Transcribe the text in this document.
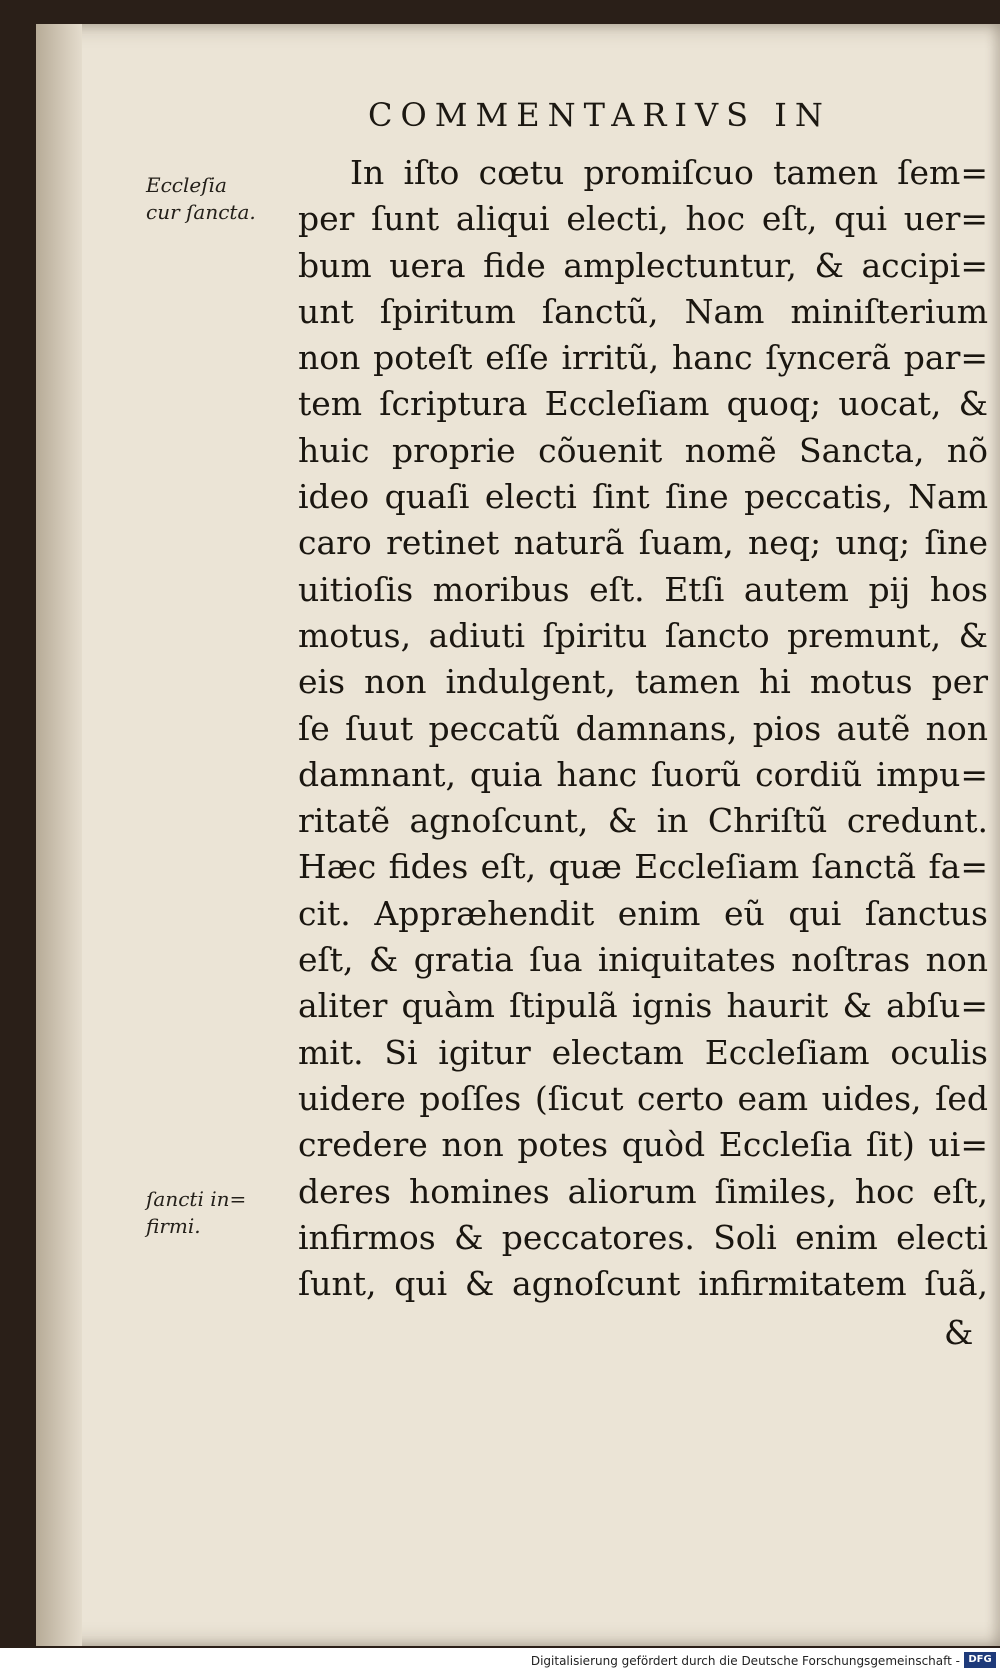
COMMENTARIVS IN
Eccleſia
cur ſancta.
ſancti in=
firmi.
In iſto cœtu promiſcuo tamen ſem=
per ſunt aliqui electi, hoc eſt, qui uer=
bum uera fide amplectuntur, & accipi=
unt ſpiritum ſanctũ, Nam miniſterium
non poteſt eſſe irritũ, hanc ſyncerã par=
tem ſcriptura Eccleſiam quoq; uocat, &
huic proprie cõuenit nomẽ Sancta, nõ
ideo quaſi electi ſint ſine peccatis, Nam
caro retinet naturã ſuam, neq; unq; ſine
uitioſis moribus eſt. Etſi autem pij hos
motus, adiuti ſpiritu ſancto premunt, &
eis non indulgent, tamen hi motus per
ſe ſuut peccatũ damnans, pios autẽ non
damnant, quia hanc ſuorũ cordiũ impu=
ritatẽ agnoſcunt, & in Chriſtũ credunt.
Hæc fides eſt, quæ Eccleſiam ſanctã fa=
cit. Appræhendit enim eũ qui ſanctus
eſt, & gratia ſua iniquitates noſtras non
aliter quàm ſtipulã ignis haurit & abſu=
mit. Si igitur electam Eccleſiam oculis
uidere poſſes (ſicut certo eam uides, ſed
credere non potes quòd Eccleſia ſit) ui=
deres homines aliorum ſimiles, hoc eſt,
infirmos & peccatores. Soli enim electi
ſunt, qui & agnoſcunt infirmitatem ſuã,
&
Digitalisierung gefördert durch die Deutsche Forschungsgemeinschaft - DFG
